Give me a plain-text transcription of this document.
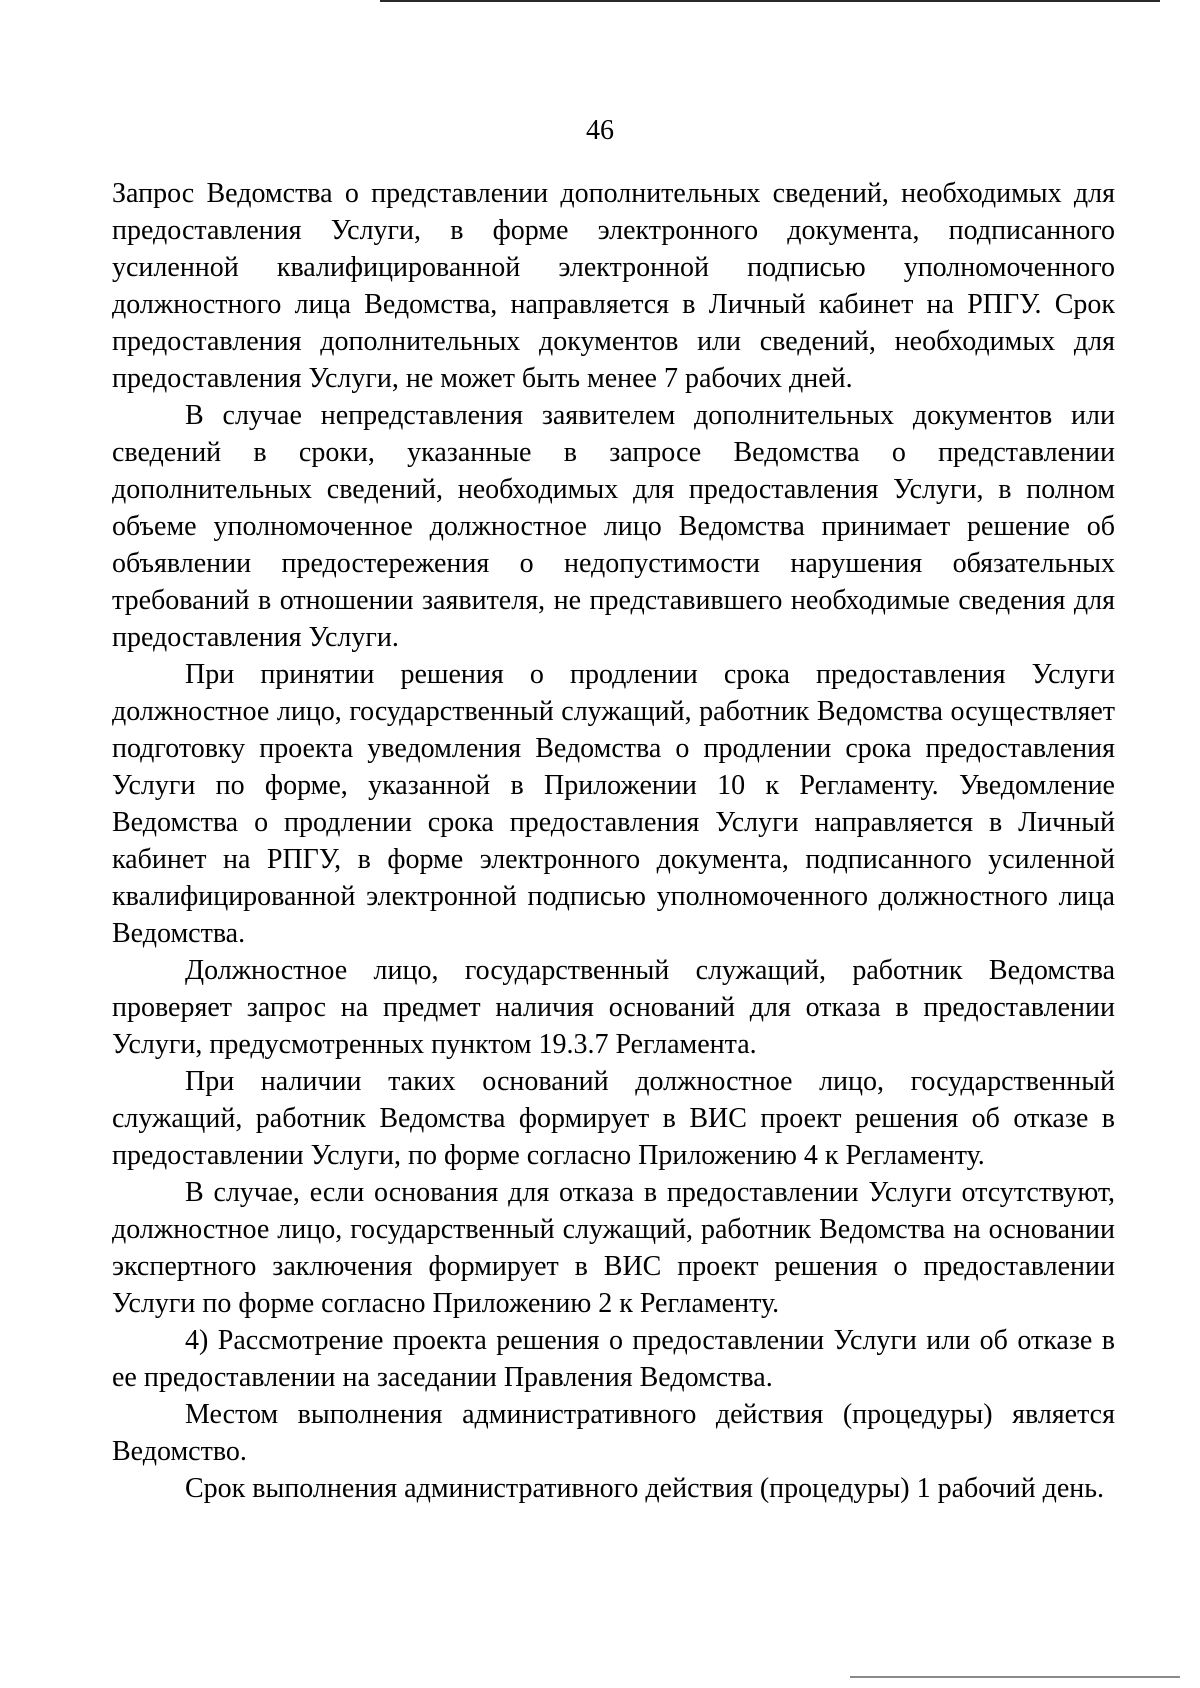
46

Запрос Ведомства о представлении дополнительных сведений, необходимых для предоставления Услуги, в форме электронного документа, подписанного усиленной квалифицированной электронной подписью уполномоченного должностного лица Ведомства, направляется в Личный кабинет на РПГУ. Срок предоставления дополнительных документов или сведений, необходимых для предоставления Услуги, не может быть менее 7 рабочих дней.

В случае непредставления заявителем дополнительных документов или сведений в сроки, указанные в запросе Ведомства о представлении дополнительных сведений, необходимых для предоставления Услуги, в полном объеме уполномоченное должностное лицо Ведомства принимает решение об объявлении предостережения о недопустимости нарушения обязательных требований в отношении заявителя, не представившего необходимые сведения для предоставления Услуги.

При принятии решения о продлении срока предоставления Услуги должностное лицо, государственный служащий, работник Ведомства осуществляет подготовку проекта уведомления Ведомства о продлении срока предоставления Услуги по форме, указанной в Приложении 10 к Регламенту. Уведомление Ведомства о продлении срока предоставления Услуги направляется в Личный кабинет на РПГУ, в форме электронного документа, подписанного усиленной квалифицированной электронной подписью уполномоченного должностного лица Ведомства.

Должностное лицо, государственный служащий, работник Ведомства проверяет запрос на предмет наличия оснований для отказа в предоставлении Услуги, предусмотренных пунктом 19.3.7 Регламента.

При наличии таких оснований должностное лицо, государственный служащий, работник Ведомства формирует в ВИС проект решения об отказе в предоставлении Услуги, по форме согласно Приложению 4 к Регламенту.

В случае, если основания для отказа в предоставлении Услуги отсутствуют, должностное лицо, государственный служащий, работник Ведомства на основании экспертного заключения формирует в ВИС проект решения о предоставлении Услуги по форме согласно Приложению 2 к Регламенту.

4) Рассмотрение проекта решения о предоставлении Услуги или об отказе в ее предоставлении на заседании Правления Ведомства.

Местом выполнения административного действия (процедуры) является Ведомство.

Срок выполнения административного действия (процедуры) 1 рабочий день.
